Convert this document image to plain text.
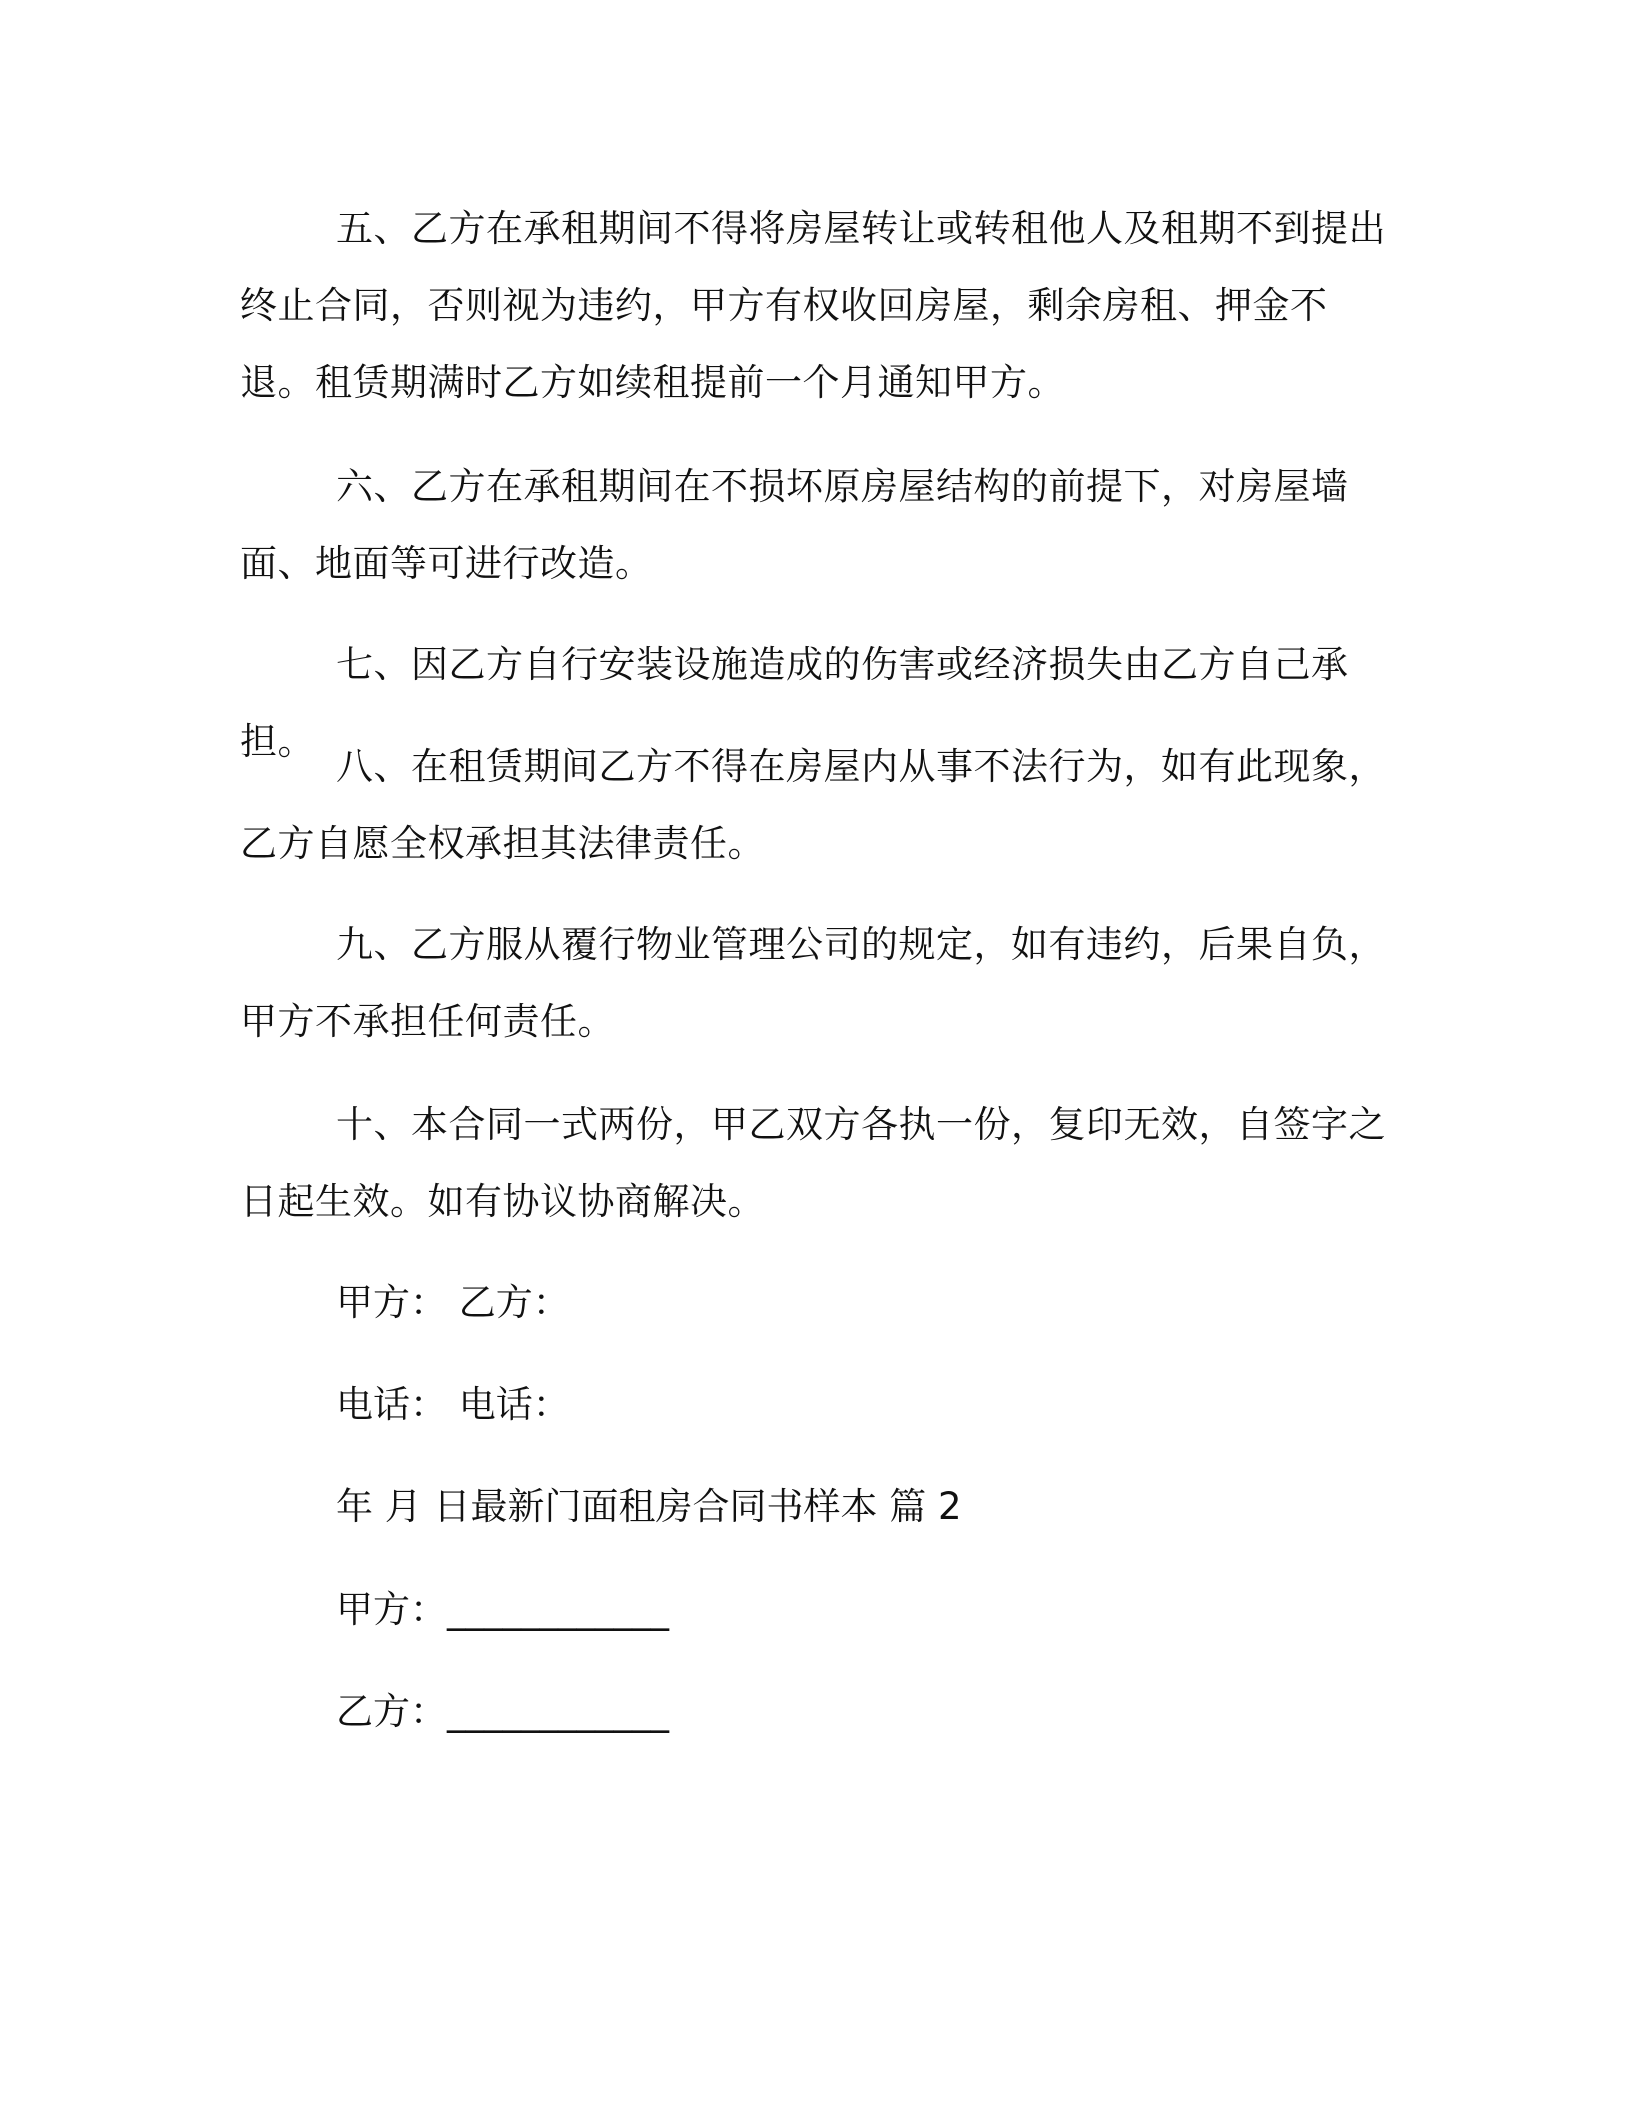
五、乙方在承租期间不得将房屋转让或转租他人及租期不到提出终止合同，否则视为违约，甲方有权收回房屋，剩余房租、押金不退。租赁期满时乙方如续租提前一个月通知甲方。

六、乙方在承租期间在不损坏原房屋结构的前提下，对房屋墙面、地面等可进行改造。

七、因乙方自行安装设施造成的伤害或经济损失由乙方自己承担。

八、在租赁期间乙方不得在房屋内从事不法行为，如有此现象，乙方自愿全权承担其法律责任。

九、乙方服从覆行物业管理公司的规定，如有违约，后果自负，甲方不承担任何责任。

十、本合同一式两份，甲乙双方各执一份，复印无效，自签字之日起生效。如有协议协商解决。

甲方： 乙方：
电话： 电话：
年 月 日最新门面租房合同书样本 篇 2
甲方：____________
乙方：____________
